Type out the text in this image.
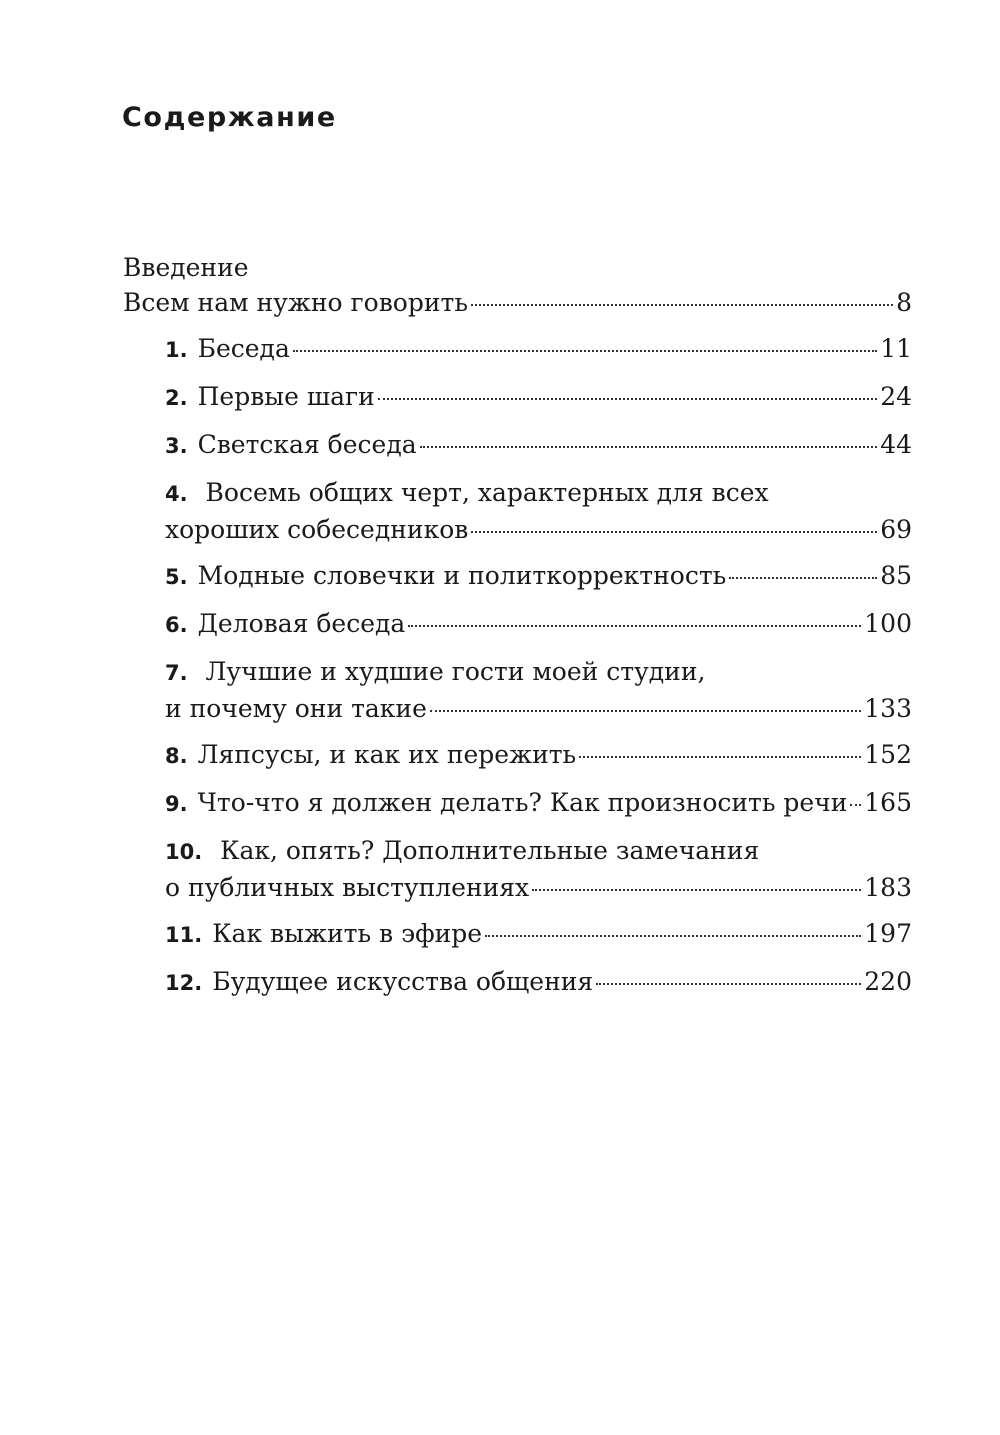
Содержание
Введение
Всем нам нужно говорить	8
1. Беседа	11
2. Первые шаги	24
3. Светская беседа	44
4. Восемь общих черт, характерных для всех
хороших собеседников	69
5. Модные словечки и политкорректность	85
6. Деловая беседа	100
7. Лучшие и худшие гости моей студии,
и почему они такие	133
8. Ляпсусы, и как их пережить	152
9. Что-что я должен делать? Как произносить речи 165
10. Как, опять? Дополнительные замечания
о публичных выступлениях	183
11. Как выжить в эфире	197
12. Будущее искусства общения	220
